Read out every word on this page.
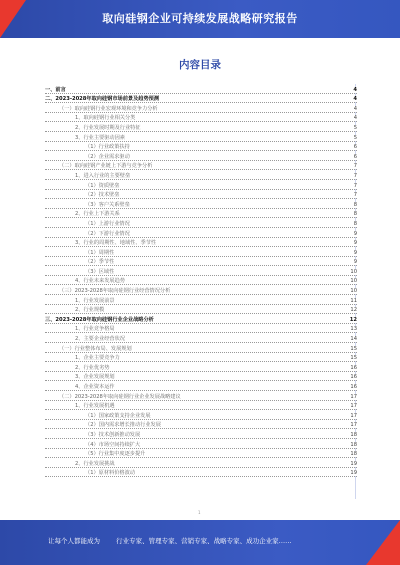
取向硅钢企业可持续发展战略研究报告
内容目录
一、前言	4
二、2023-2028年取向硅钢市场前景及趋势预测	4
（一）取向硅钢行业宏观环境和竞争力分析	4
1、取向硅钢行业相关分类	4
2、行业发展时期及行业特征	5
3、行业主要驱动因素	5
（1）行业政策扶持	6
（2）企业需求驱动	6
（二）取向硅钢产业链上下游与竞争分析	7
1、进入行业的主要壁垒	7
（1）资质壁垒	7
（2）技术壁垒	7
（3）客户关系壁垒	8
2、行业上下游关系	8
（1）上游行业情况	8
（2）下游行业情况	9
3、行业的周期性、地域性、季节性	9
（1）周期性	9
（2）季节性	9
（3）区域性	10
4、行业未来发展趋势	10
（三）2023-2028年取向硅钢行业经营情况分析	10
1、行业发展前景	11
2、行业规模	12
三、2023-2028年取向硅钢行业企业战略分析	12
1、行业竞争格局	13
2、主要企业经营状况	14
（一）行业整体布局、发展规划	15
1、企业主要竞争力	15
2、行业优劣势	16
3、企业发展规划	16
4、企业资本运作	16
（二）2023-2028年取向硅钢行业企业发展战略建议	17
1、行业发展机遇	17
（1）国家政策支持企业发展	17
（2）国内需求增长推动行业发展	17
（3）技术创新推动发展	18
（4）市场空间持续扩大	18
（5）行业集中度逐步提升	18
2、行业发展挑战	19
（1）原材料价格波动	19
1
让每个人都能成为 行业专家、管理专家、营销专家、战略专家、成功企业家……
